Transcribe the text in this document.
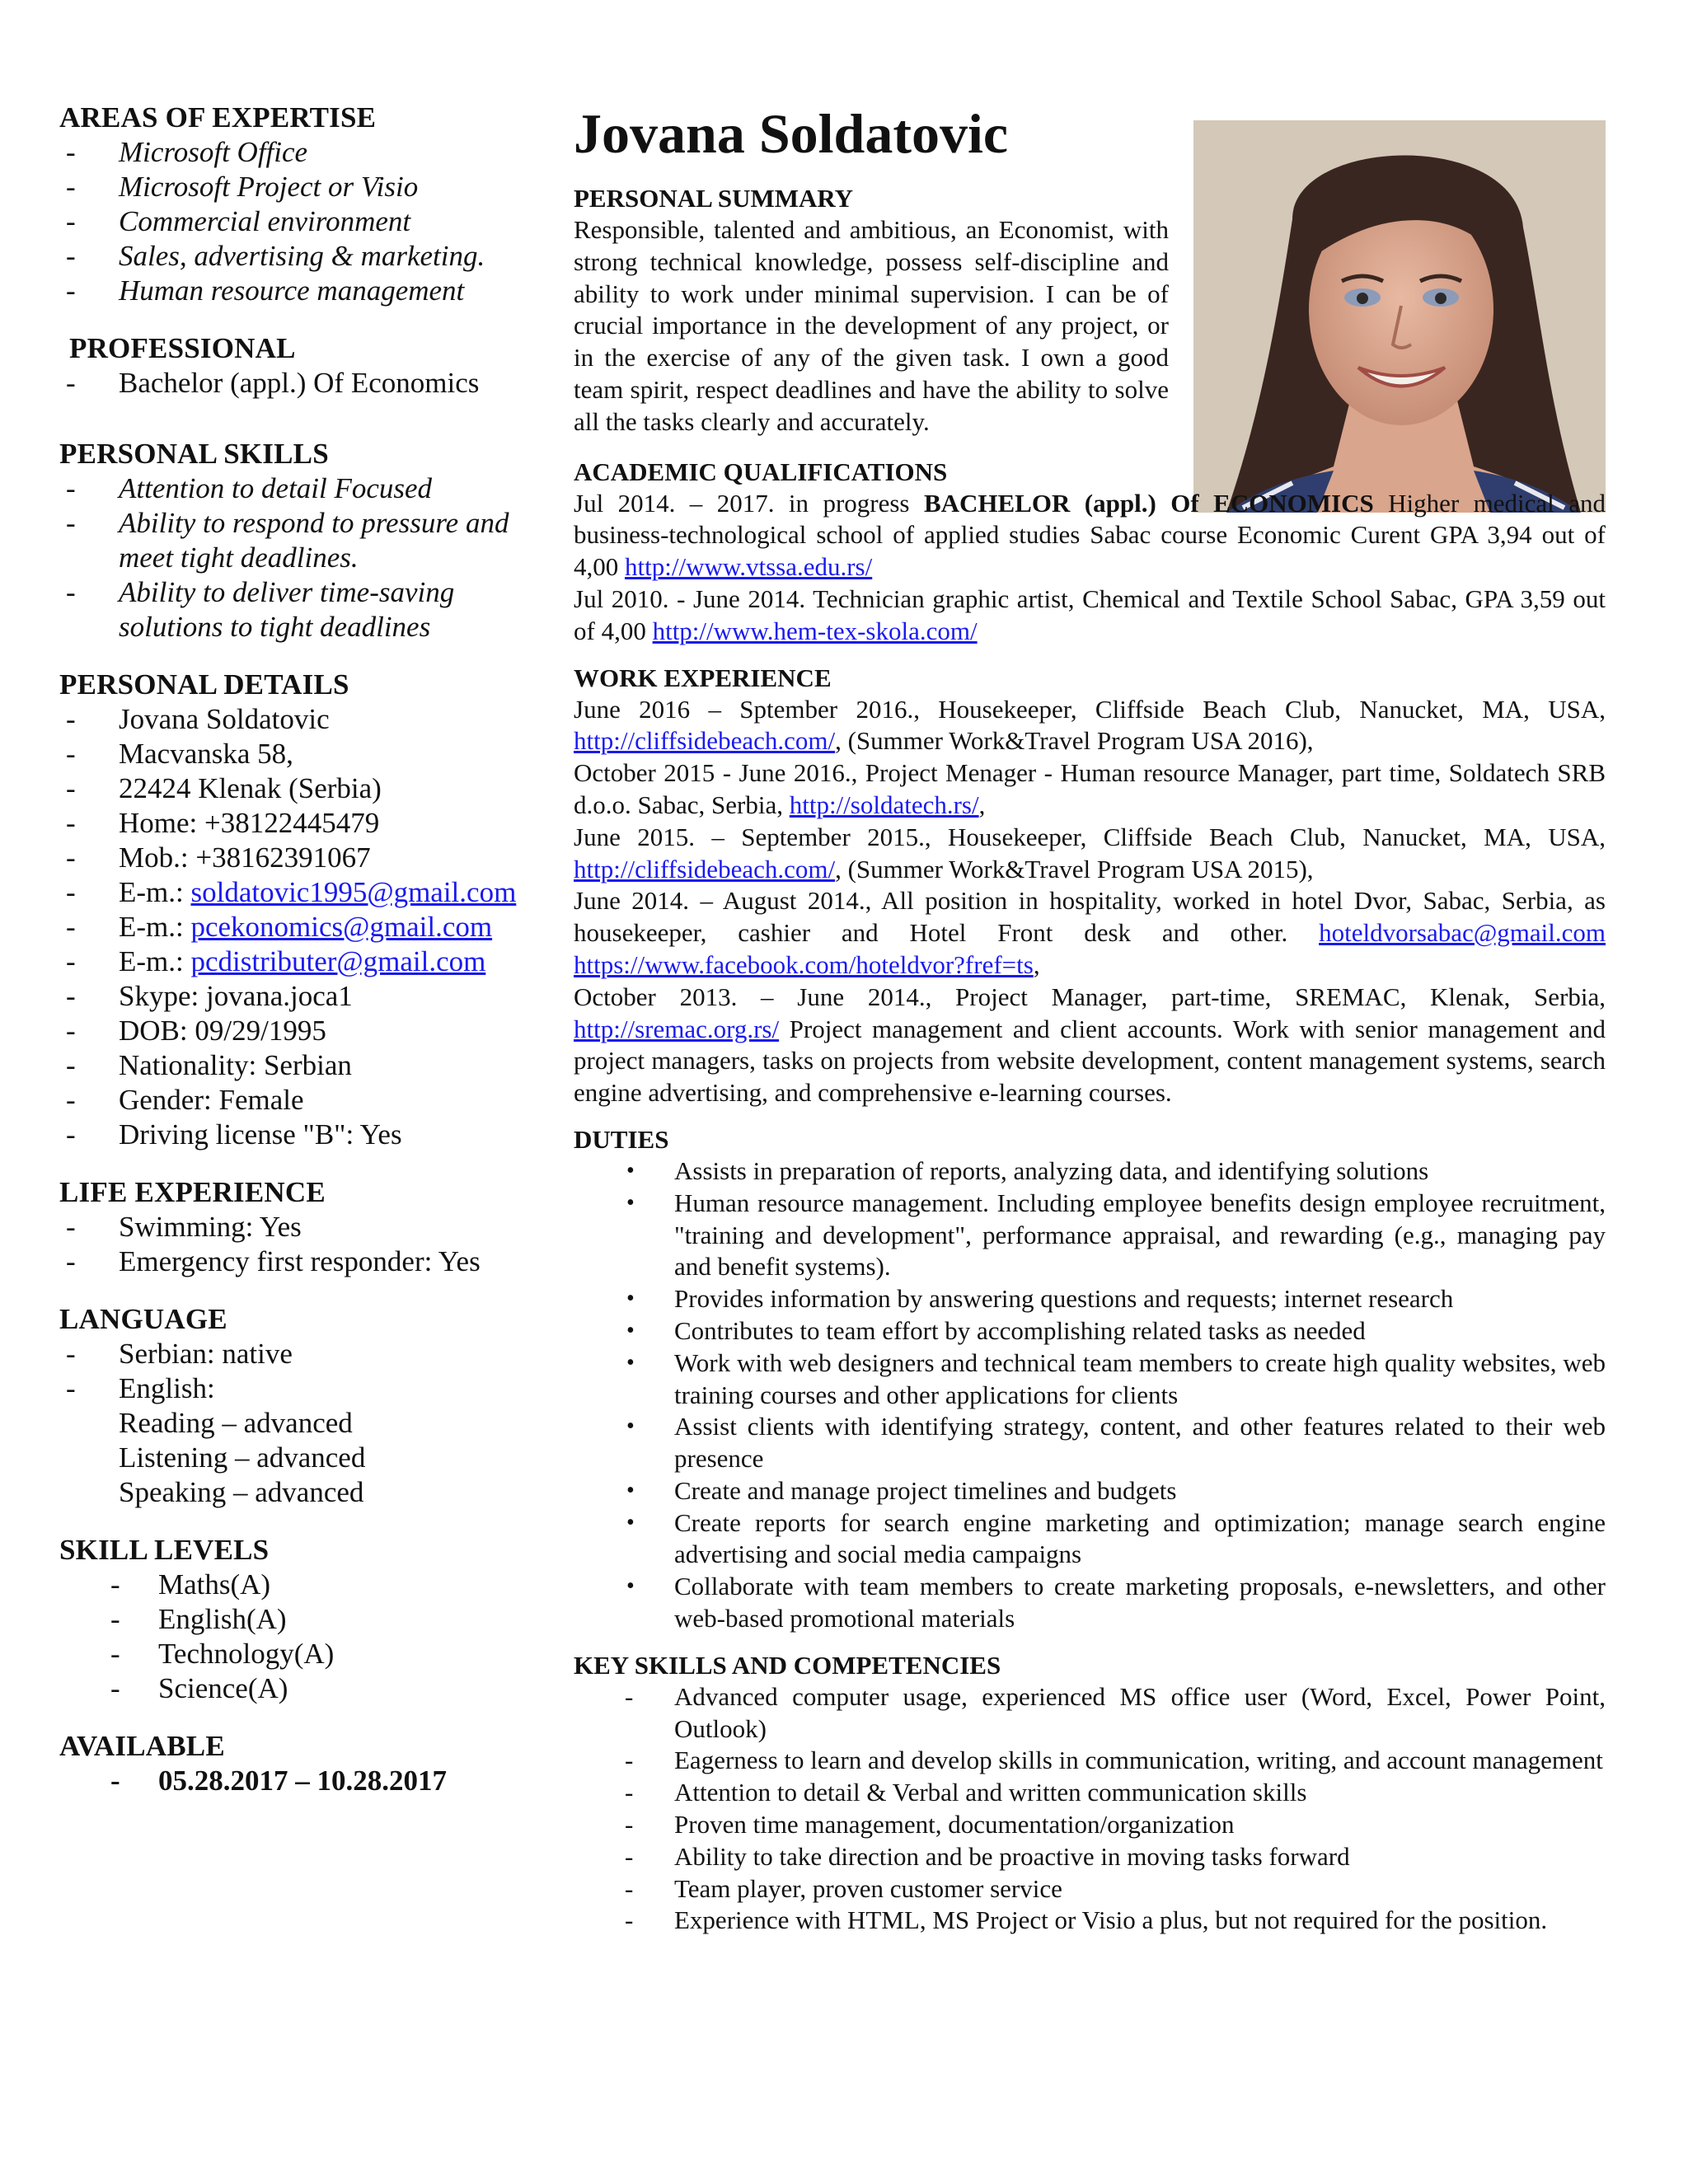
AREAS OF EXPERTISE
- Microsoft Office
- Microsoft Project or Visio
- Commercial environment
- Sales, advertising & marketing.
- Human resource management
PROFESSIONAL
- Bachelor (appl.) Of Economics
PERSONAL SKILLS
- Attention to detail Focused
- Ability to respond to pressure and
meet tight deadlines.
- Ability to deliver time-saving
solutions to tight deadlines
PERSONAL DETAILS
- Jovana Soldatovic
- Macvanska 58,
- 22424 Klenak (Serbia)
- Home: +38122445479
- Mob.: +38162391067
- E-m.: soldatovic1995@gmail.com
- E-m.: pcekonomics@gmail.com
- E-m.: pcdistributer@gmail.com
- Skype: jovana.joca1
- DOB: 09/29/1995
- Nationality: Serbian
- Gender: Female
- Driving license "B": Yes
LIFE EXPERIENCE
- Swimming: Yes
- Emergency first responder: Yes
LANGUAGE
- Serbian: native
- English:
Reading – advanced
Listening – advanced
Speaking – advanced
SKILL LEVELS
- Maths(A)
- English(A)
- Technology(A)
- Science(A)
AVAILABLE
- 05.28.2017 – 10.28.2017
Jovana Soldatovic
PERSONAL SUMMARY

Responsible, talented and ambitious, an Economist, with strong technical knowledge, possess self-discipline and ability to work under minimal supervision. I can be of crucial importance in the development of any project, or in the exercise of any of the given task. I own a good team spirit, respect deadlines and have the ability to solve all the tasks clearly and accurately.

ACADEMIC QUALIFICATIONS

Jul 2014. – 2017. in progress BACHELOR (appl.) Of ECONOMICS Higher medical and business-technological school of applied studies Sabac course Economic Curent GPA 3,94 out of 4,00 http://www.vtssa.edu.rs/

Jul 2010. - June 2014. Technician graphic artist, Chemical and Textile School Sabac, GPA 3,59 out of 4,00 http://www.hem-tex-skola.com/

WORK EXPERIENCE

June 2016 – Sptember 2016., Housekeeper, Cliffside Beach Club, Nanucket, MA, USA, http://cliffsidebeach.com/, (Summer Work&Travel Program USA 2016),

October 2015 - June 2016., Project Menager - Human resource Manager, part time, Soldatech SRB d.o.o. Sabac, Serbia, http://soldatech.rs/,

June 2015. – September 2015., Housekeeper, Cliffside Beach Club, Nanucket, MA, USA, http://cliffsidebeach.com/, (Summer Work&Travel Program USA 2015),

June 2014. – August 2014., All position in hospitality, worked in hotel Dvor, Sabac, Serbia, as housekeeper, cashier and Hotel Front desk and other. hoteldvorsabac@gmail.com https://www.facebook.com/hoteldvor?fref=ts,

October 2013. – June 2014., Project Manager, part-time, SREMAC, Klenak, Serbia, http://sremac.org.rs/ Project management and client accounts. Work with senior management and project managers, tasks on projects from website development, content management systems, search engine advertising, and comprehensive e-learning courses.

DUTIES
• Assists in preparation of reports, analyzing data, and identifying solutions
• Human resource management. Including employee benefits design employee recruitment, "training and development", performance appraisal, and rewarding (e.g., managing pay and benefit systems).
• Provides information by answering questions and requests; internet research
• Contributes to team effort by accomplishing related tasks as needed
• Work with web designers and technical team members to create high quality websites, web training courses and other applications for clients
• Assist clients with identifying strategy, content, and other features related to their web presence
• Create and manage project timelines and budgets
• Create reports for search engine marketing and optimization; manage search engine advertising and social media campaigns
• Collaborate with team members to create marketing proposals, e-newsletters, and other web-based promotional materials
KEY SKILLS AND COMPETENCIES
- Advanced computer usage, experienced MS office user (Word, Excel, Power Point, Outlook)
- Eagerness to learn and develop skills in communication, writing, and account management
- Attention to detail & Verbal and written communication skills
- Proven time management, documentation/organization
- Ability to take direction and be proactive in moving tasks forward
- Team player, proven customer service
- Experience with HTML, MS Project or Visio a plus, but not required for the position.
